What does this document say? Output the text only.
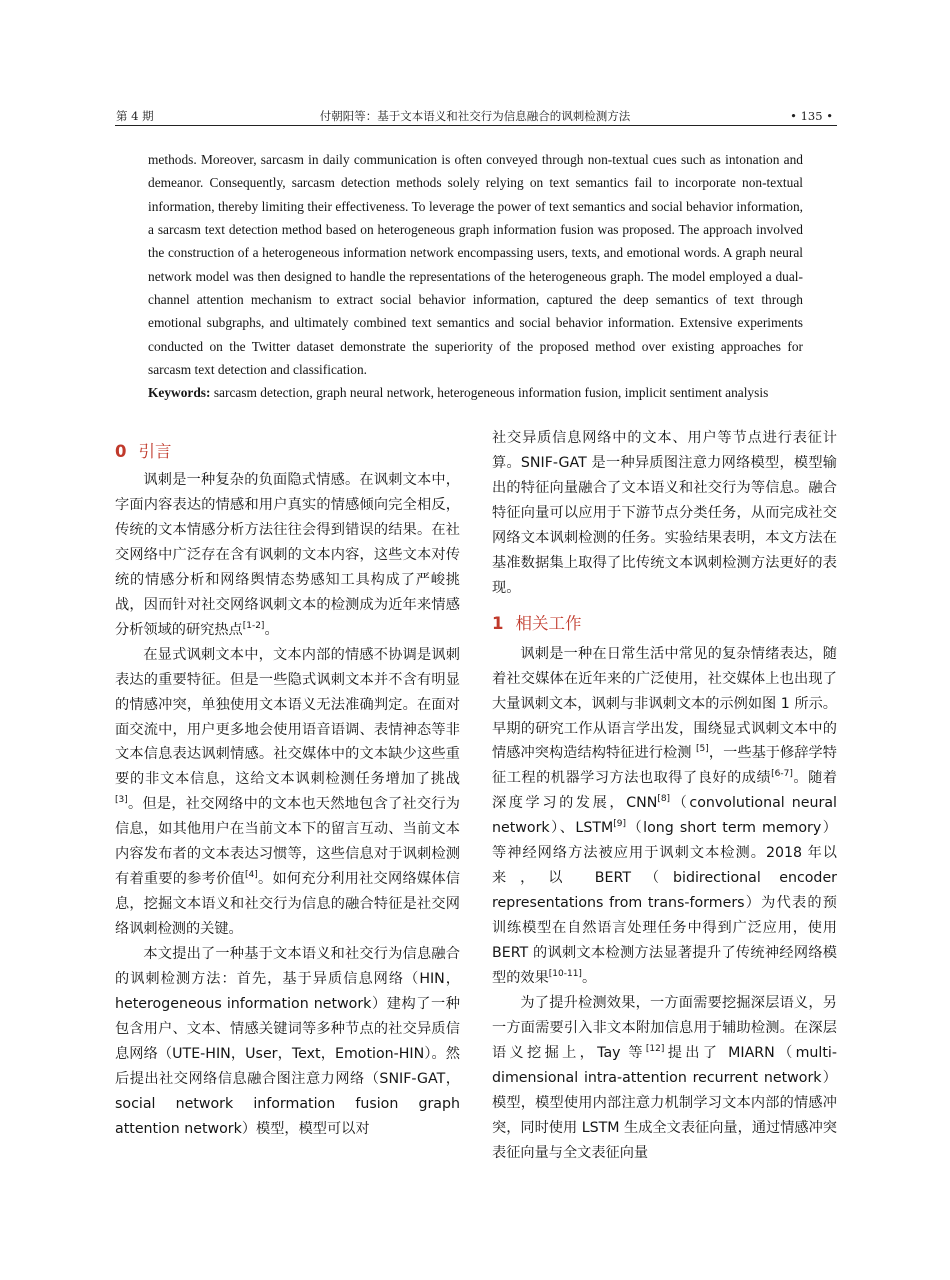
第 4 期	付朝阳等：基于文本语义和社交行为信息融合的讽刺检测方法	• 135 •

methods. Moreover, sarcasm in daily communication is often conveyed through non-textual cues such as intonation and demeanor. Consequently, sarcasm detection methods solely relying on text semantics fail to incorporate non-textual information, thereby limiting their effectiveness. To leverage the power of text semantics and social behavior information, a sarcasm text detection method based on heterogeneous graph information fusion was proposed. The approach involved the construction of a heterogeneous information network encompassing users, texts, and emotional words. A graph neural network model was then designed to handle the representations of the heterogeneous graph. The model employed a dual-channel attention mechanism to extract social behavior information, captured the deep semantics of text through emotional subgraphs, and ultimately combined text semantics and social behavior information. Extensive experiments conducted on the Twitter dataset demonstrate the superiority of the proposed method over existing approaches for sarcasm text detection and classification.

Keywords: sarcasm detection, graph neural network, heterogeneous information fusion, implicit sentiment analysis

0 引言

讽刺是一种复杂的负面隐式情感。在讽刺文本中，字面内容表达的情感和用户真实的情感倾向完全相反，传统的文本情感分析方法往往会得到错误的结果。在社交网络中广泛存在含有讽刺的文本内容，这些文本对传统的情感分析和网络舆情态势感知工具构成了严峻挑战，因而针对社交网络讽刺文本的检测成为近年来情感分析领域的研究热点[1-2]。

在显式讽刺文本中，文本内部的情感不协调是讽刺表达的重要特征。但是一些隐式讽刺文本并不含有明显的情感冲突，单独使用文本语义无法准确判定。在面对面交流中，用户更多地会使用语音语调、表情神态等非文本信息表达讽刺情感。社交媒体中的文本缺少这些重要的非文本信息，这给文本讽刺检测任务增加了挑战[3]。但是，社交网络中的文本也天然地包含了社交行为信息，如其他用户在当前文本下的留言互动、当前文本内容发布者的文本表达习惯等，这些信息对于讽刺检测有着重要的参考价值[4]。如何充分利用社交网络媒体信息，挖掘文本语义和社交行为信息的融合特征是社交网络讽刺检测的关键。

本文提出了一种基于文本语义和社交行为信息融合的讽刺检测方法：首先，基于异质信息网络（HIN，heterogeneous information network）建构了一种包含用户、文本、情感关键词等多种节点的社交异质信息网络（UTE-HIN，User，Text，Emotion-HIN）。然后提出社交网络信息融合图注意力网络（SNIF-GAT，social network information fusion graph attention network）模型，模型可以对

社交异质信息网络中的文本、用户等节点进行表征计算。SNIF-GAT 是一种异质图注意力网络模型，模型输出的特征向量融合了文本语义和社交行为等信息。融合特征向量可以应用于下游节点分类任务，从而完成社交网络文本讽刺检测的任务。实验结果表明，本文方法在基准数据集上取得了比传统文本讽刺检测方法更好的表现。

1 相关工作

讽刺是一种在日常生活中常见的复杂情绪表达，随着社交媒体在近年来的广泛使用，社交媒体上也出现了大量讽刺文本，讽刺与非讽刺文本的示例如图 1 所示。早期的研究工作从语言学出发，围绕显式讽刺文本中的情感冲突构造结构特征进行检测 [5]，一些基于修辞学特征工程的机器学习方法也取得了良好的成绩[6-7]。随着深度学习的发展，CNN[8]（convolutional neural network）、LSTM[9]（long short term memory）等神经网络方法被应用于讽刺文本检测。2018 年以来，以 BERT（bidirectional encoder representations from trans-formers）为代表的预训练模型在自然语言处理任务中得到广泛应用，使用 BERT 的讽刺文本检测方法显著提升了传统神经网络模型的效果[10-11]。

为了提升检测效果，一方面需要挖掘深层语义，另一方面需要引入非文本附加信息用于辅助检测。在深层语义挖掘上，Tay 等[12]提出了 MIARN（multi-dimensional intra-attention recurrent network）模型，模型使用内部注意力机制学习文本内部的情感冲突，同时使用 LSTM 生成全文表征向量，通过情感冲突表征向量与全文表征向量
